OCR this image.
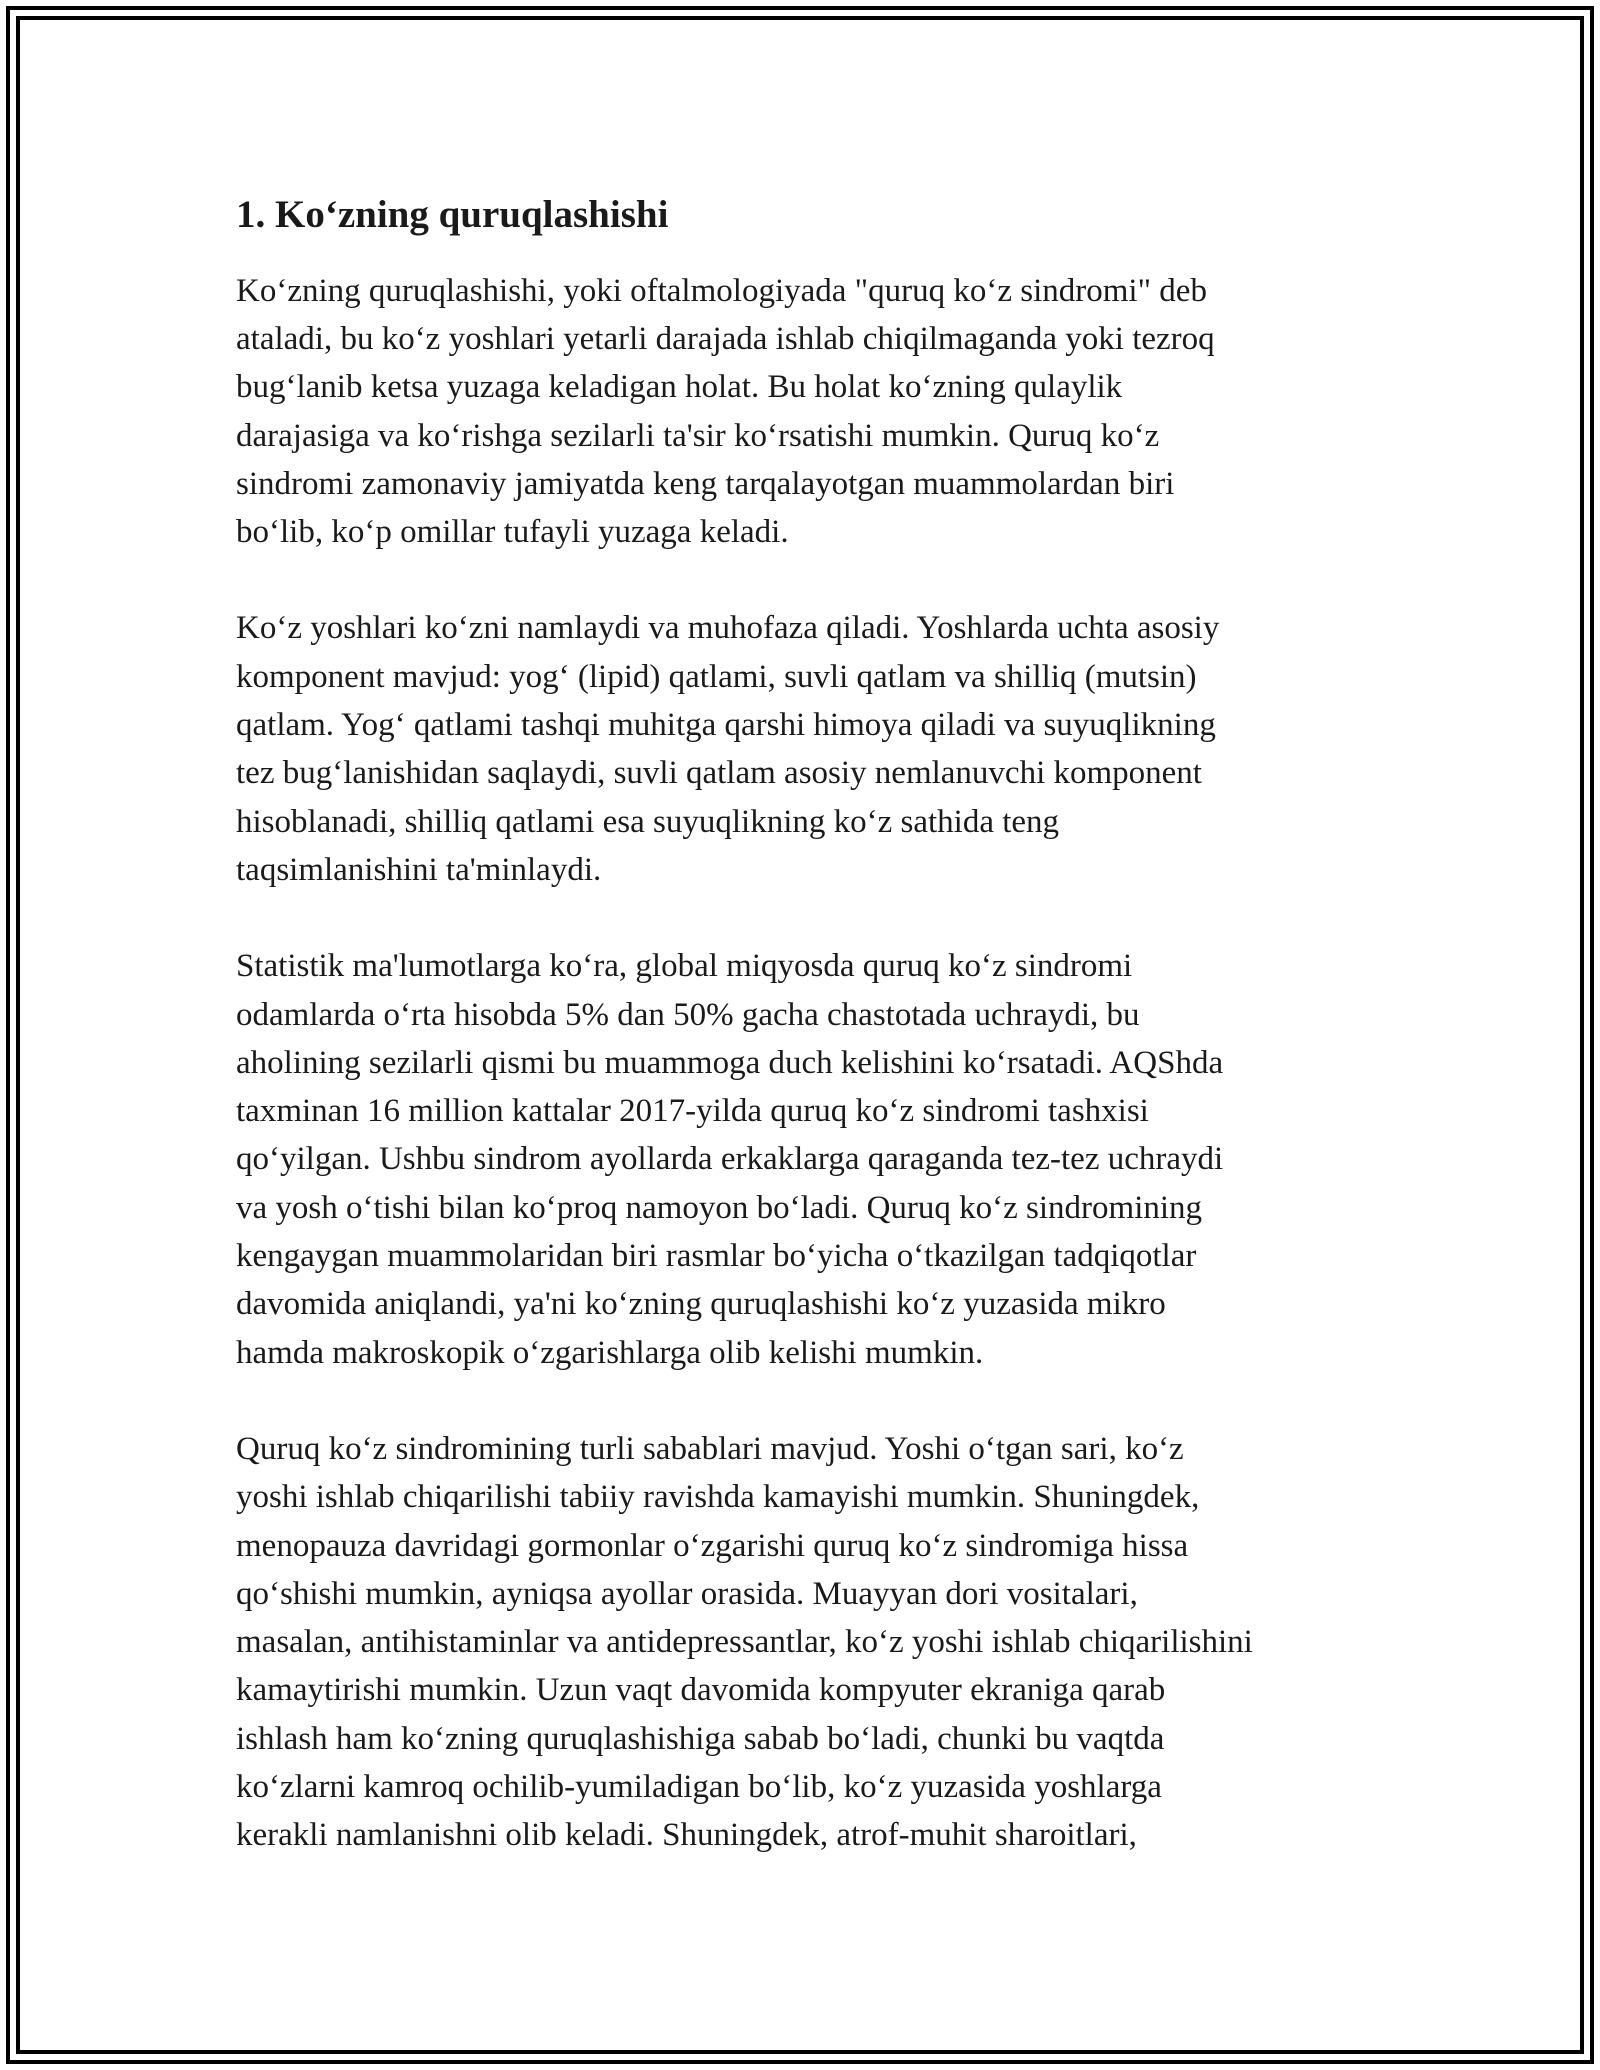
1. Ko‘zning quruqlashishi

Ko‘zning quruqlashishi, yoki oftalmologiyada "quruq ko‘z sindromi" deb
ataladi, bu ko‘z yoshlari yetarli darajada ishlab chiqilmaganda yoki tezroq
bug‘lanib ketsa yuzaga keladigan holat. Bu holat ko‘zning qulaylik
darajasiga va ko‘rishga sezilarli ta'sir ko‘rsatishi mumkin. Quruq ko‘z
sindromi zamonaviy jamiyatda keng tarqalayotgan muammolardan biri
bo‘lib, ko‘p omillar tufayli yuzaga keladi.

Ko‘z yoshlari ko‘zni namlaydi va muhofaza qiladi. Yoshlarda uchta asosiy
komponent mavjud: yog‘ (lipid) qatlami, suvli qatlam va shilliq (mutsin)
qatlam. Yog‘ qatlami tashqi muhitga qarshi himoya qiladi va suyuqlikning
tez bug‘lanishidan saqlaydi, suvli qatlam asosiy nemlanuvchi komponent
hisoblanadi, shilliq qatlami esa suyuqlikning ko‘z sathida teng
taqsimlanishini ta'minlaydi.

Statistik ma'lumotlarga ko‘ra, global miqyosda quruq ko‘z sindromi
odamlarda o‘rta hisobda 5% dan 50% gacha chastotada uchraydi, bu
aholining sezilarli qismi bu muammoga duch kelishini ko‘rsatadi. AQShda
taxminan 16 million kattalar 2017-yilda quruq ko‘z sindromi tashxisi
qo‘yilgan. Ushbu sindrom ayollarda erkaklarga qaraganda tez-tez uchraydi
va yosh o‘tishi bilan ko‘proq namoyon bo‘ladi. Quruq ko‘z sindromining
kengaygan muammolaridan biri rasmlar bo‘yicha o‘tkazilgan tadqiqotlar
davomida aniqlandi, ya'ni ko‘zning quruqlashishi ko‘z yuzasida mikro
hamda makroskopik o‘zgarishlarga olib kelishi mumkin.

Quruq ko‘z sindromining turli sabablari mavjud. Yoshi o‘tgan sari, ko‘z
yoshi ishlab chiqarilishi tabiiy ravishda kamayishi mumkin. Shuningdek,
menopauza davridagi gormonlar o‘zgarishi quruq ko‘z sindromiga hissa
qo‘shishi mumkin, ayniqsa ayollar orasida. Muayyan dori vositalari,
masalan, antihistaminlar va antidepressantlar, ko‘z yoshi ishlab chiqarilishini
kamaytirishi mumkin. Uzun vaqt davomida kompyuter ekraniga qarab
ishlash ham ko‘zning quruqlashishiga sabab bo‘ladi, chunki bu vaqtda
ko‘zlarni kamroq ochilib-yumiladigan bo‘lib, ko‘z yuzasida yoshlarga
kerakli namlanishni olib keladi. Shuningdek, atrof-muhit sharoitlari,
